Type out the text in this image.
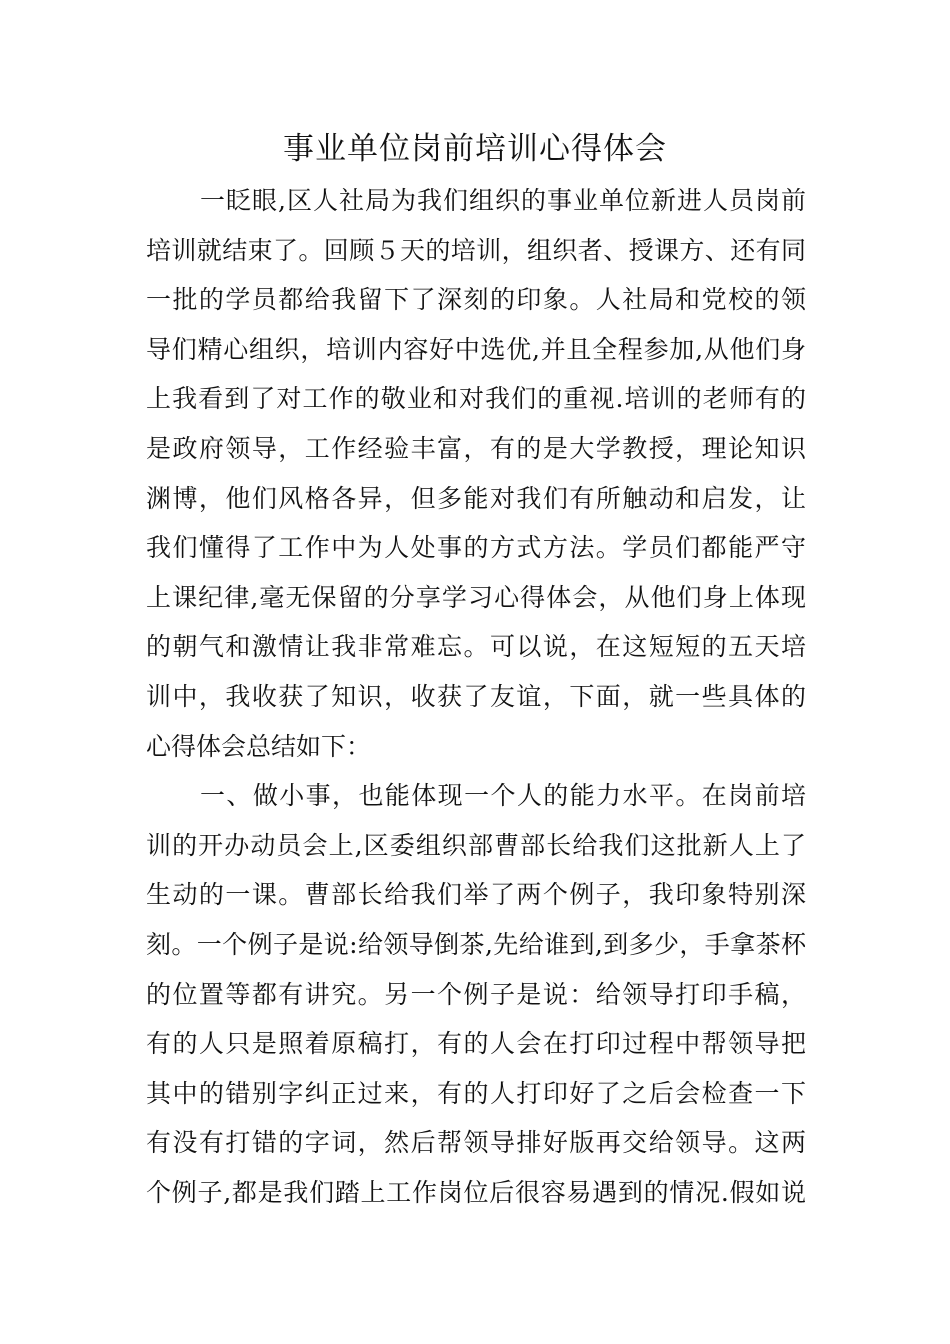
事业单位岗前培训心得体会
一眨眼,区人社局为我们组织的事业单位新进人员岗前
培训就结束了。回顾５天的培训，组织者、授课方、还有同
一批的学员都给我留下了深刻的印象。人社局和党校的领
导们精心组织，培训内容好中选优,并且全程参加,从他们身
上我看到了对工作的敬业和对我们的重视.培训的老师有的
是政府领导，工作经验丰富，有的是大学教授，理论知识
渊博，他们风格各异，但多能对我们有所触动和启发，让
我们懂得了工作中为人处事的方式方法。学员们都能严守
上课纪律,毫无保留的分享学习心得体会，从他们身上体现
的朝气和激情让我非常难忘。可以说，在这短短的五天培
训中，我收获了知识，收获了友谊，下面，就一些具体的
心得体会总结如下：
一、做小事，也能体现一个人的能力水平。在岗前培
训的开办动员会上,区委组织部曹部长给我们这批新人上了
生动的一课。曹部长给我们举了两个例子，我印象特别深
刻。一个例子是说:给领导倒茶,先给谁到,到多少，手拿茶杯
的位置等都有讲究。另一个例子是说：给领导打印手稿，
有的人只是照着原稿打，有的人会在打印过程中帮领导把
其中的错别字纠正过来，有的人打印好了之后会检查一下
有没有打错的字词，然后帮领导排好版再交给领导。这两
个例子,都是我们踏上工作岗位后很容易遇到的情况.假如说
